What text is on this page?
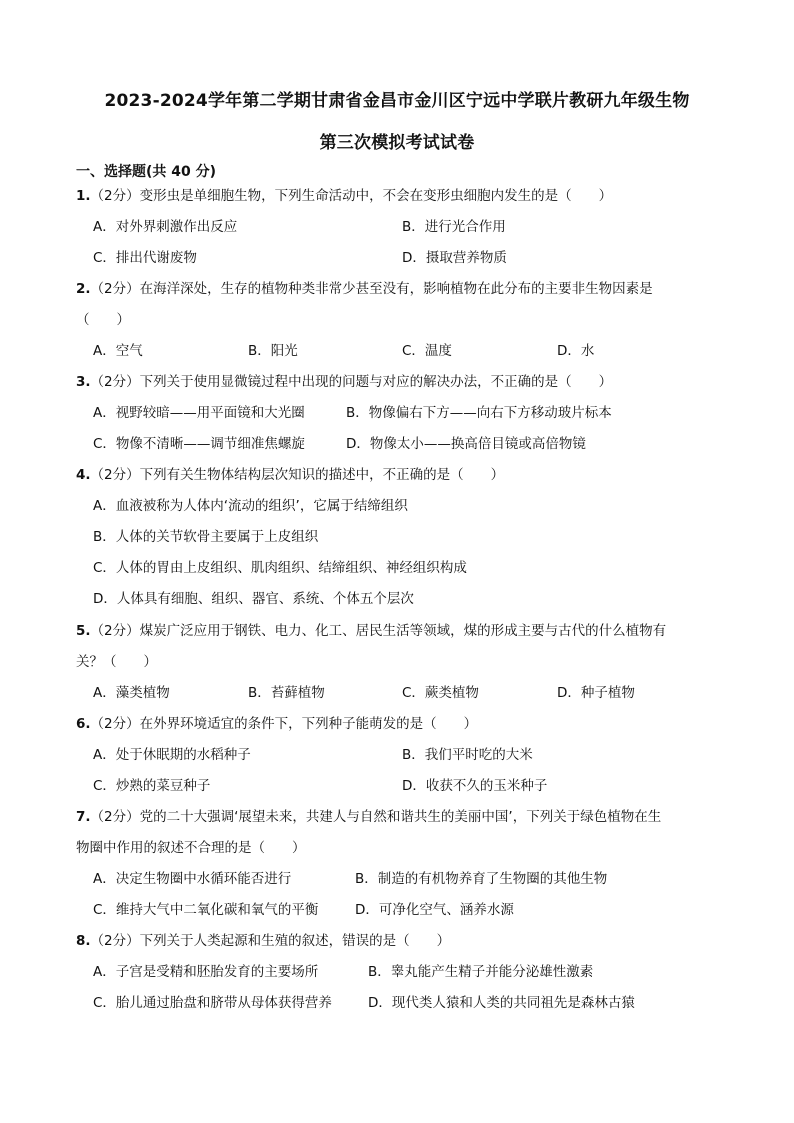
2023-2024学年第二学期甘肃省金昌市金川区宁远中学联片教研九年级生物
第三次模拟考试试卷
一、选择题(共 40 分)
1.（2分）变形虫是单细胞生物，下列生命活动中，不会在变形虫细胞内发生的是（　　）
A．对外界刺激作出反应	B．进行光合作用
C．排出代谢废物	D．摄取营养物质
2.（2分）在海洋深处，生存的植物种类非常少甚至没有，影响植物在此分布的主要非生物因素是
（　　）
A．空气	B．阳光	C．温度	D．水
3.（2分）下列关于使用显微镜过程中出现的问题与对应的解决办法，不正确的是（　　）
A．视野较暗——用平面镜和大光圈	B．物像偏右下方——向右下方移动玻片标本
C．物像不清晰——调节细准焦螺旋	D．物像太小——换高倍目镜或高倍物镜
4.（2分）下列有关生物体结构层次知识的描述中，不正确的是（　　）
A．血液被称为人体内‘流动的组织’，它属于结缔组织
B．人体的关节软骨主要属于上皮组织
C．人体的胃由上皮组织、肌肉组织、结缔组织、神经组织构成
D．人体具有细胞、组织、器官、系统、个体五个层次
5.（2分）煤炭广泛应用于钢铁、电力、化工、居民生活等领域，煤的形成主要与古代的什么植物有
关？（　　）
A．藻类植物	B．苔藓植物	C．蕨类植物	D．种子植物
6.（2分）在外界环境适宜的条件下，下列种子能萌发的是（　　）
A．处于休眠期的水稻种子	B．我们平时吃的大米
C．炒熟的菜豆种子	D．收获不久的玉米种子
7.（2分）党的二十大强调‘展望未来，共建人与自然和谐共生的美丽中国’，下列关于绿色植物在生
物圈中作用的叙述不合理的是（　　）
A．决定生物圈中水循环能否进行	B．制造的有机物养育了生物圈的其他生物
C．维持大气中二氧化碳和氧气的平衡	D．可净化空气、涵养水源
8.（2分）下列关于人类起源和生殖的叙述，错误的是（　　）
A．子宫是受精和胚胎发育的主要场所	B．睾丸能产生精子并能分泌雄性激素
C．胎儿通过胎盘和脐带从母体获得营养	D．现代类人猿和人类的共同祖先是森林古猿
